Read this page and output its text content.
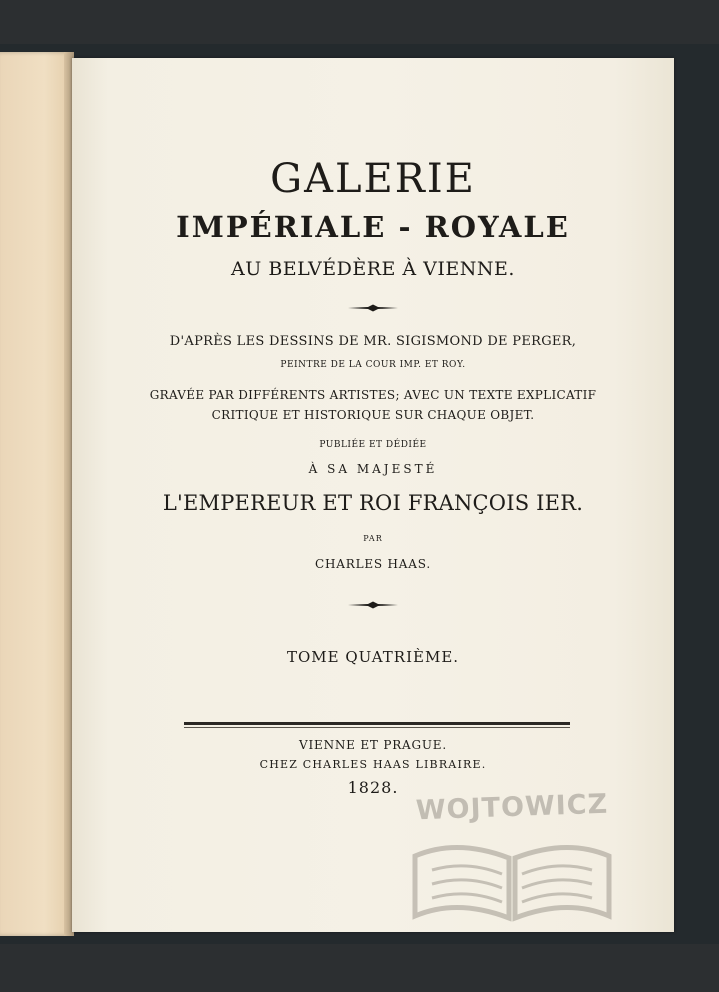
GALERIE
IMPÉRIALE - ROYALE
AU BELVÉDÈRE À VIENNE.
D'APRÈS LES DESSINS DE MR. SIGISMOND DE PERGER,
PEINTRE DE LA COUR IMP. ET ROY.
GRAVÉE PAR DIFFÉRENTS ARTISTES; AVEC UN TEXTE EXPLICATIF
CRITIQUE ET HISTORIQUE SUR CHAQUE OBJET.
PUBLIÉE ET DÉDIÉE
À SA MAJESTÉ
L'EMPEREUR ET ROI FRANÇOIS IER.
PAR
CHARLES HAAS.
TOME QUATRIÈME.
VIENNE ET PRAGUE.
CHEZ CHARLES HAAS LIBRAIRE.
1828.
WOJTOWICZ
